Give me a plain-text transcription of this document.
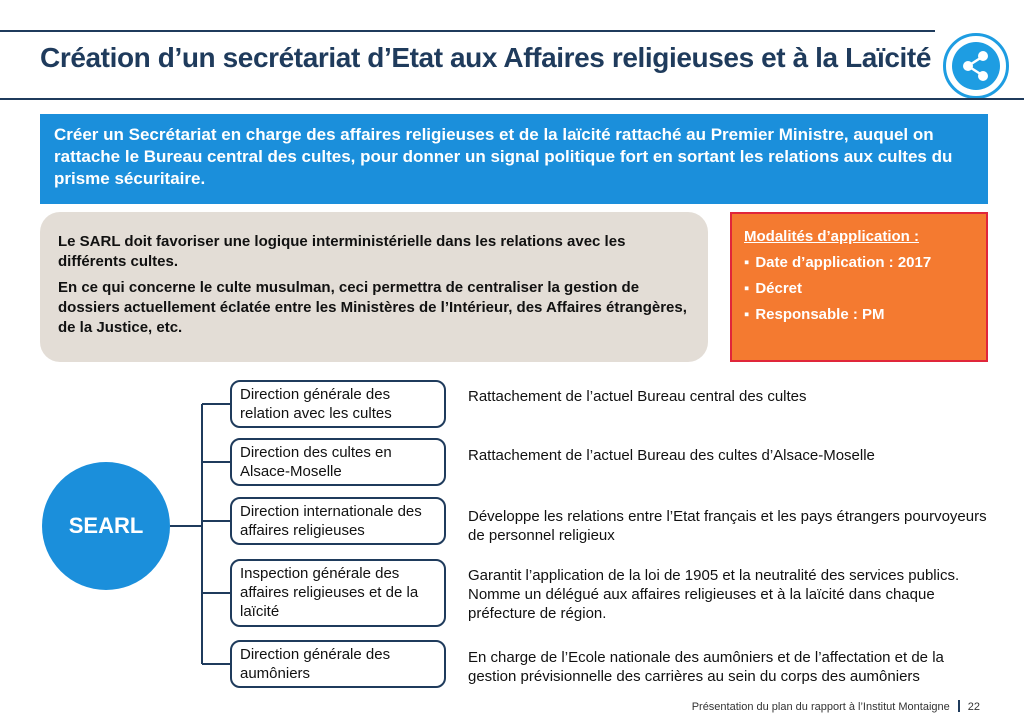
Création d’un secrétariat d’Etat aux Affaires religieuses et à la Laïcité
Créer un Secrétariat en charge des affaires religieuses et de la laïcité rattaché au Premier Ministre, auquel on rattache le Bureau central des cultes, pour donner un signal politique fort en sortant les relations aux cultes du prisme sécuritaire.

Le SARL doit favoriser une logique interministérielle dans les relations avec les différents cultes.

En ce qui concerne le culte musulman, ceci permettra de centraliser la gestion de dossiers actuellement éclatée entre les Ministères de l’Intérieur, des Affaires étrangères, de la Justice, etc.

Modalités d’application :
▪ Date d’application : 2017
▪ Décret
▪ Responsable : PM
SEARL
Direction générale des relation avec les cultes
Direction des cultes en Alsace-Moselle
Direction internationale des affaires religieuses
Inspection générale des affaires religieuses et de la laïcité
Direction générale des aumôniers
Rattachement de l’actuel Bureau central des cultes
Rattachement de l’actuel Bureau des cultes d’Alsace-Moselle
Développe les relations entre l’Etat français et les pays étrangers pourvoyeurs de personnel religieux
Garantit l’application de la loi de 1905 et la neutralité des services publics. Nomme un délégué aux affaires religieuses et à la laïcité dans chaque préfecture de région.
En charge de l’Ecole nationale des aumôniers et de l’affectation et de la gestion prévisionnelle des carrières au sein du corps des aumôniers
Présentation du plan du rapport à l’Institut Montaigne 22
